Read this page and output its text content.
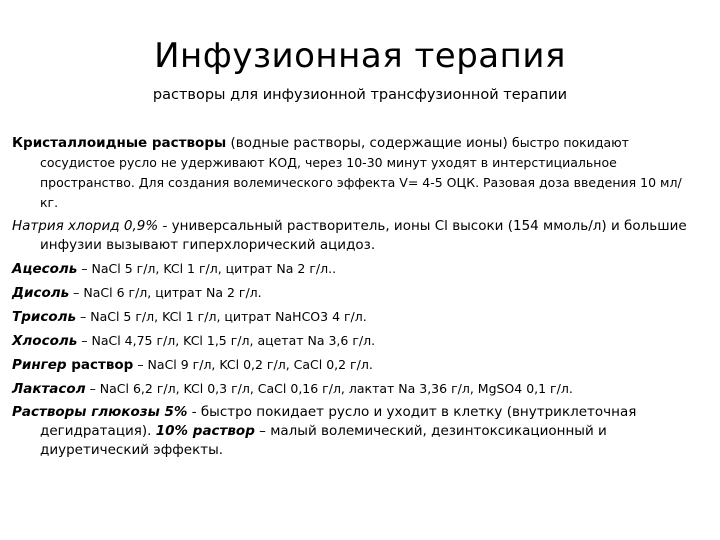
Инфузионная терапия
растворы для инфузионной трансфузионной терапии

Кристаллоидные растворы (водные растворы, содержащие ионы) быстро покидают сосудистое русло не удерживают КОД, через 10-30 минут уходят в интерстициальное пространство. Для создания волемического эффекта V= 4-5 ОЦК. Разовая доза введения 10 мл/кг.

Натрия хлорид 0,9% - универсальный растворитель, ионы Cl высоки (154 ммоль/л) и большие инфузии вызывают гиперхлорический ацидоз.

Ацесоль – NaCl 5 г/л, KCl 1 г/л, цитрат Na 2 г/л..

Дисоль – NaCl 6 г/л, цитрат Na 2 г/л.

Трисоль – NaCl 5 г/л, KCl 1 г/л, цитрат NaHCO3 4 г/л.

Хлосоль – NaCl 4,75 г/л, KCl 1,5 г/л, ацетат Na 3,6 г/л.

Рингер раствор – NaCl 9 г/л, KCl 0,2 г/л, CaCl 0,2 г/л.

Лактасол – NaCl 6,2 г/л, KCl 0,3 г/л, CaCl 0,16 г/л, лактат Na 3,36 г/л, MgSO4 0,1 г/л.

Растворы глюкозы 5% - быстро покидает русло и уходит в клетку (внутриклеточная дегидратация). 10% раствор – малый волемический, дезинтоксикационный и диуретический эффекты.
